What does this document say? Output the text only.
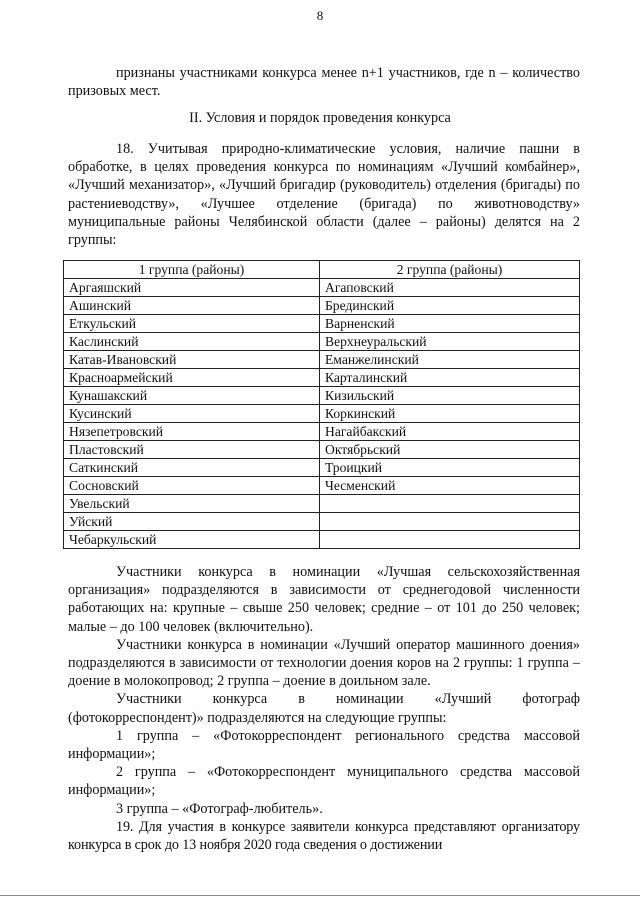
8

признаны участниками конкурса менее n+1 участников, где n – количество призовых мест.

II. Условия и порядок проведения конкурса

18. Учитывая природно-климатические условия, наличие пашни в обработке, в целях проведения конкурса по номинациям «Лучший комбайнер», «Лучший механизатор», «Лучший бригадир (руководитель) отделения (бригады) по растениеводству», «Лучшее отделение (бригада) по животноводству» муниципальные районы Челябинской области (далее – районы) делятся на 2 группы:

1 группа (районы)	2 группа (районы)
Аргаяшский	Агаповский
Ашинский	Брединский
Еткульский	Варненский
Каслинский	Верхнеуральский
Катав-Ивановский	Еманжелинский
Красноармейский	Карталинский
Кунашакский	Кизильский
Кусинский	Коркинский
Нязепетровский	Нагайбакский
Пластовский	Октябрьский
Саткинский	Троицкий
Сосновский	Чесменский
Увельский	
Уйский	
Чебаркульский	

Участники конкурса в номинации «Лучшая сельскохозяйственная организация» подразделяются в зависимости от среднегодовой численности работающих на: крупные – свыше 250 человек; средние – от 101 до 250 человек; малые – до 100 человек (включительно).

Участники конкурса в номинации «Лучший оператор машинного доения» подразделяются в зависимости от технологии доения коров на 2 группы: 1 группа – доение в молокопровод; 2 группа – доение в доильном зале.

Участники конкурса в номинации «Лучший фотограф (фотокорреспондент)» подразделяются на следующие группы:

1 группа – «Фотокорреспондент регионального средства массовой информации»;

2 группа – «Фотокорреспондент муниципального средства массовой информации»;

3 группа – «Фотограф-любитель».

19. Для участия в конкурсе заявители конкурса представляют организатору конкурса в срок до 13 ноября 2020 года сведения о достижении
